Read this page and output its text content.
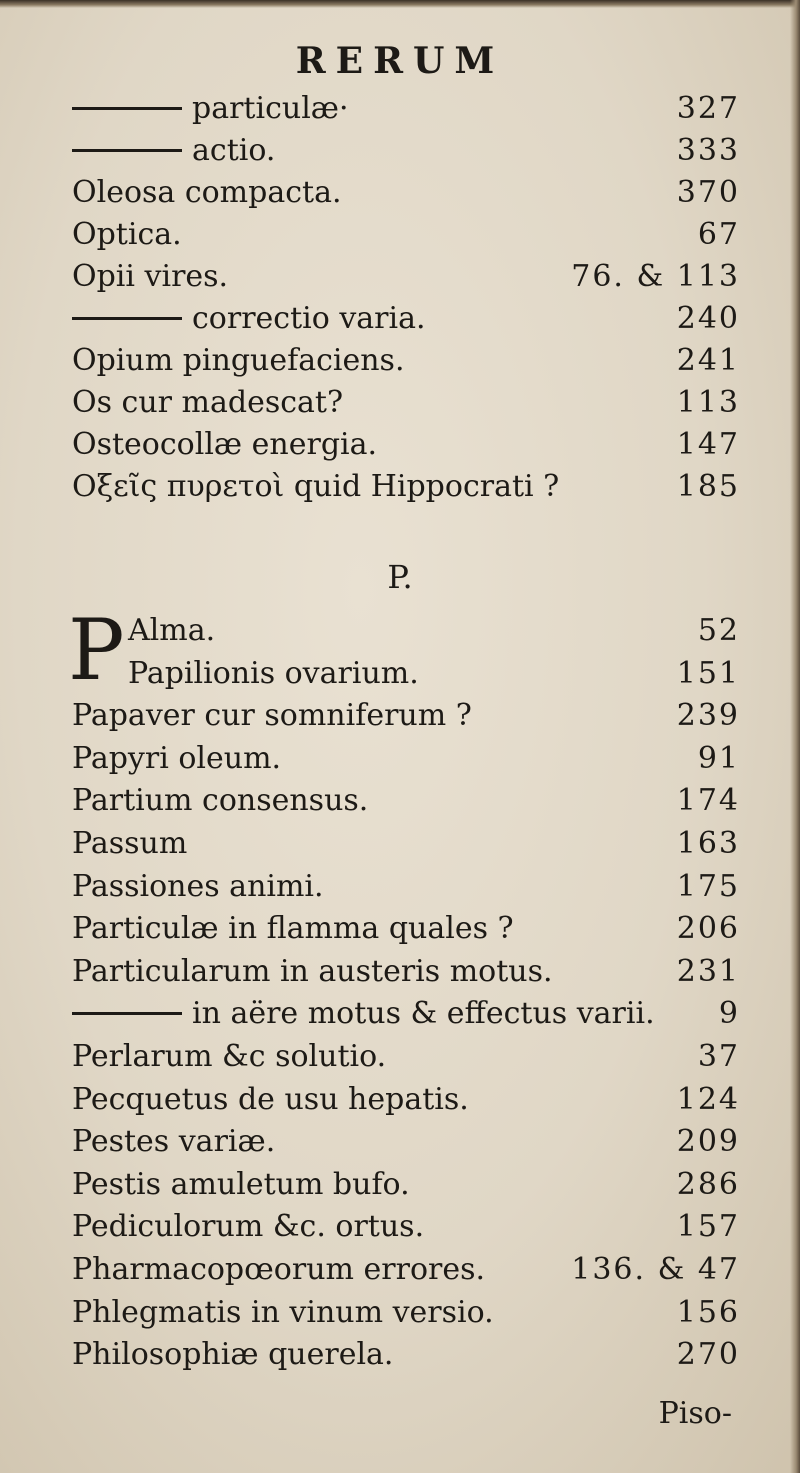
RERUM
particulæ·	327
actio.	333
Oleosa compacta.	370
Optica.	67
Opii vires.	76. & 113
correctio varia.	240
Opium pinguefaciens.	241
Os cur madescat?	113
Osteocollæ energia.	147
Οξεῖς πυρετοὶ quid Hippocrati ?	185
P.
P Alma.	52
Papilionis ovarium.	151
Papaver cur somniferum ?	239
Papyri oleum.	91
Partium consensus.	174
Passum	163
Passiones animi.	175
Particulæ in flamma quales ?	206
Particularum in austeris motus.	231
in aëre motus & effectus varii. 9
Perlarum &c solutio.	37
Pecquetus de usu hepatis.	124
Pestes variæ.	209
Pestis amuletum bufo.	286
Pediculorum &c. ortus.	157
Pharmacopœorum errores.	136. & 47
Phlegmatis in vinum versio.	156
Philosophiæ querela.	270
Piso-
